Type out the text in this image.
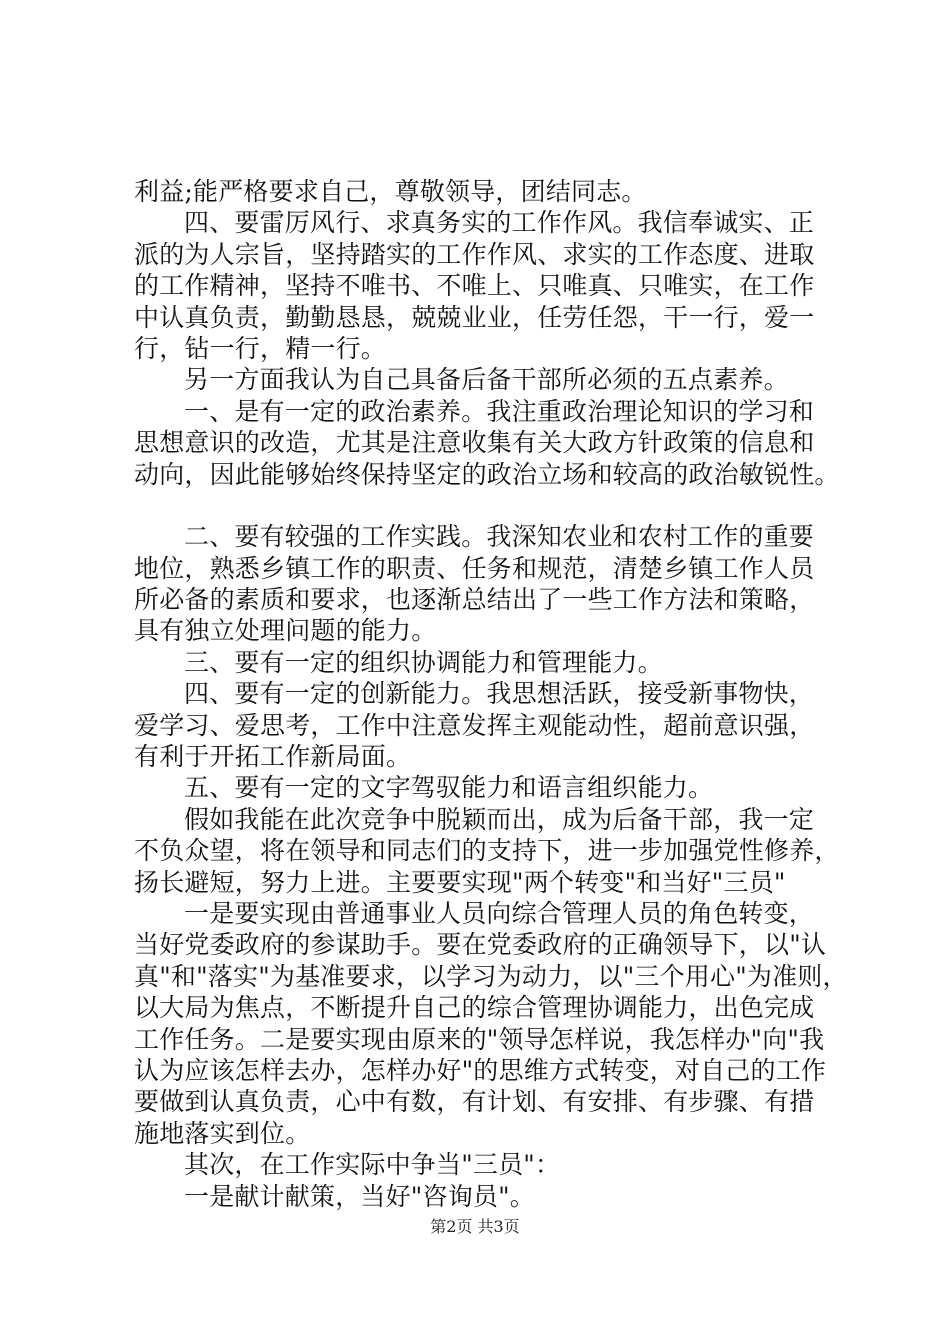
利益;能严格要求自己，尊敬领导，团结同志。
四、要雷厉风行、求真务实的工作作风。我信奉诚实、正
派的为人宗旨，坚持踏实的工作作风、求实的工作态度、进取
的工作精神，坚持不唯书、不唯上、只唯真、只唯实，在工作
中认真负责，勤勤恳恳，兢兢业业，任劳任怨，干一行，爱一
行，钻一行，精一行。
另一方面我认为自己具备后备干部所必须的五点素养。
一、是有一定的政治素养。我注重政治理论知识的学习和
思想意识的改造，尤其是注意收集有关大政方针政策的信息和
动向，因此能够始终保持坚定的政治立场和较高的政治敏锐性。
二、要有较强的工作实践。我深知农业和农村工作的重要
地位，熟悉乡镇工作的职责、任务和规范，清楚乡镇工作人员
所必备的素质和要求，也逐渐总结出了一些工作方法和策略，
具有独立处理问题的能力。
三、要有一定的组织协调能力和管理能力。
四、要有一定的创新能力。我思想活跃，接受新事物快，
爱学习、爱思考，工作中注意发挥主观能动性，超前意识强，
有利于开拓工作新局面。
五、要有一定的文字驾驭能力和语言组织能力。
假如我能在此次竞争中脱颖而出，成为后备干部，我一定
不负众望，将在领导和同志们的支持下，进一步加强党性修养，
扬长避短，努力上进。主要要实现"两个转变"和当好"三员"
一是要实现由普通事业人员向综合管理人员的角色转变，
当好党委政府的参谋助手。要在党委政府的正确领导下，以"认
真"和"落实"为基准要求，以学习为动力，以"三个用心"为准则，
以大局为焦点，不断提升自己的综合管理协调能力，出色完成
工作任务。二是要实现由原来的"领导怎样说，我怎样办"向"我
认为应该怎样去办，怎样办好"的思维方式转变，对自己的工作
要做到认真负责，心中有数，有计划、有安排、有步骤、有措
施地落实到位。
其次，在工作实际中争当"三员"：
一是献计献策，当好"咨询员"。
第2页 共3页
